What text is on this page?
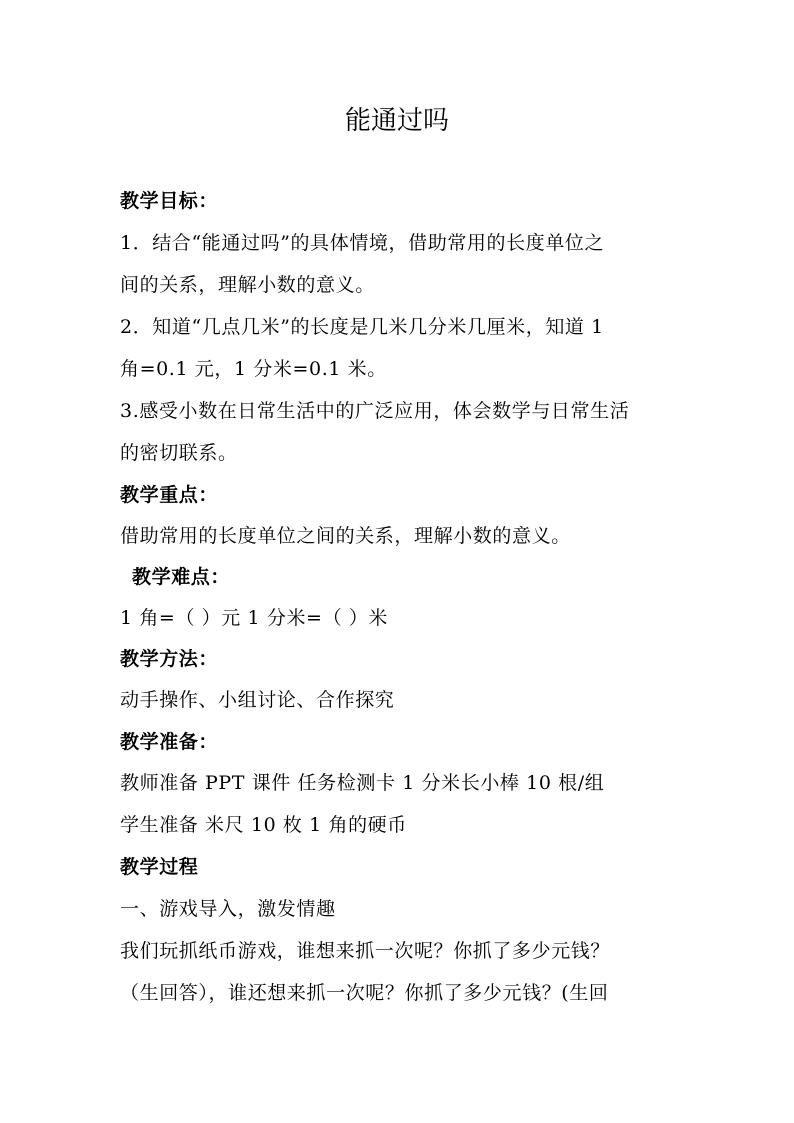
能通过吗
教学目标：
1．结合“能通过吗”的具体情境，借助常用的长度单位之
间的关系，理解小数的意义。
2．知道“几点几米”的长度是几米几分米几厘米，知道 1
角=0.1 元，1 分米=0.1 米。
3.感受小数在日常生活中的广泛应用，体会数学与日常生活
的密切联系。
教学重点：
借助常用的长度单位之间的关系，理解小数的意义。
教学难点：
1 角=（ ）元 1 分米=（ ）米
教学方法：
动手操作、小组讨论、合作探究
教学准备：
教师准备 PPT 课件 任务检测卡 1 分米长小棒 10 根/组
学生准备 米尺 10 枚 1 角的硬币
教学过程
一、游戏导入，激发情趣
我们玩抓纸币游戏，谁想来抓一次呢？你抓了多少元钱？
（生回答），谁还想来抓一次呢？你抓了多少元钱？(生回
